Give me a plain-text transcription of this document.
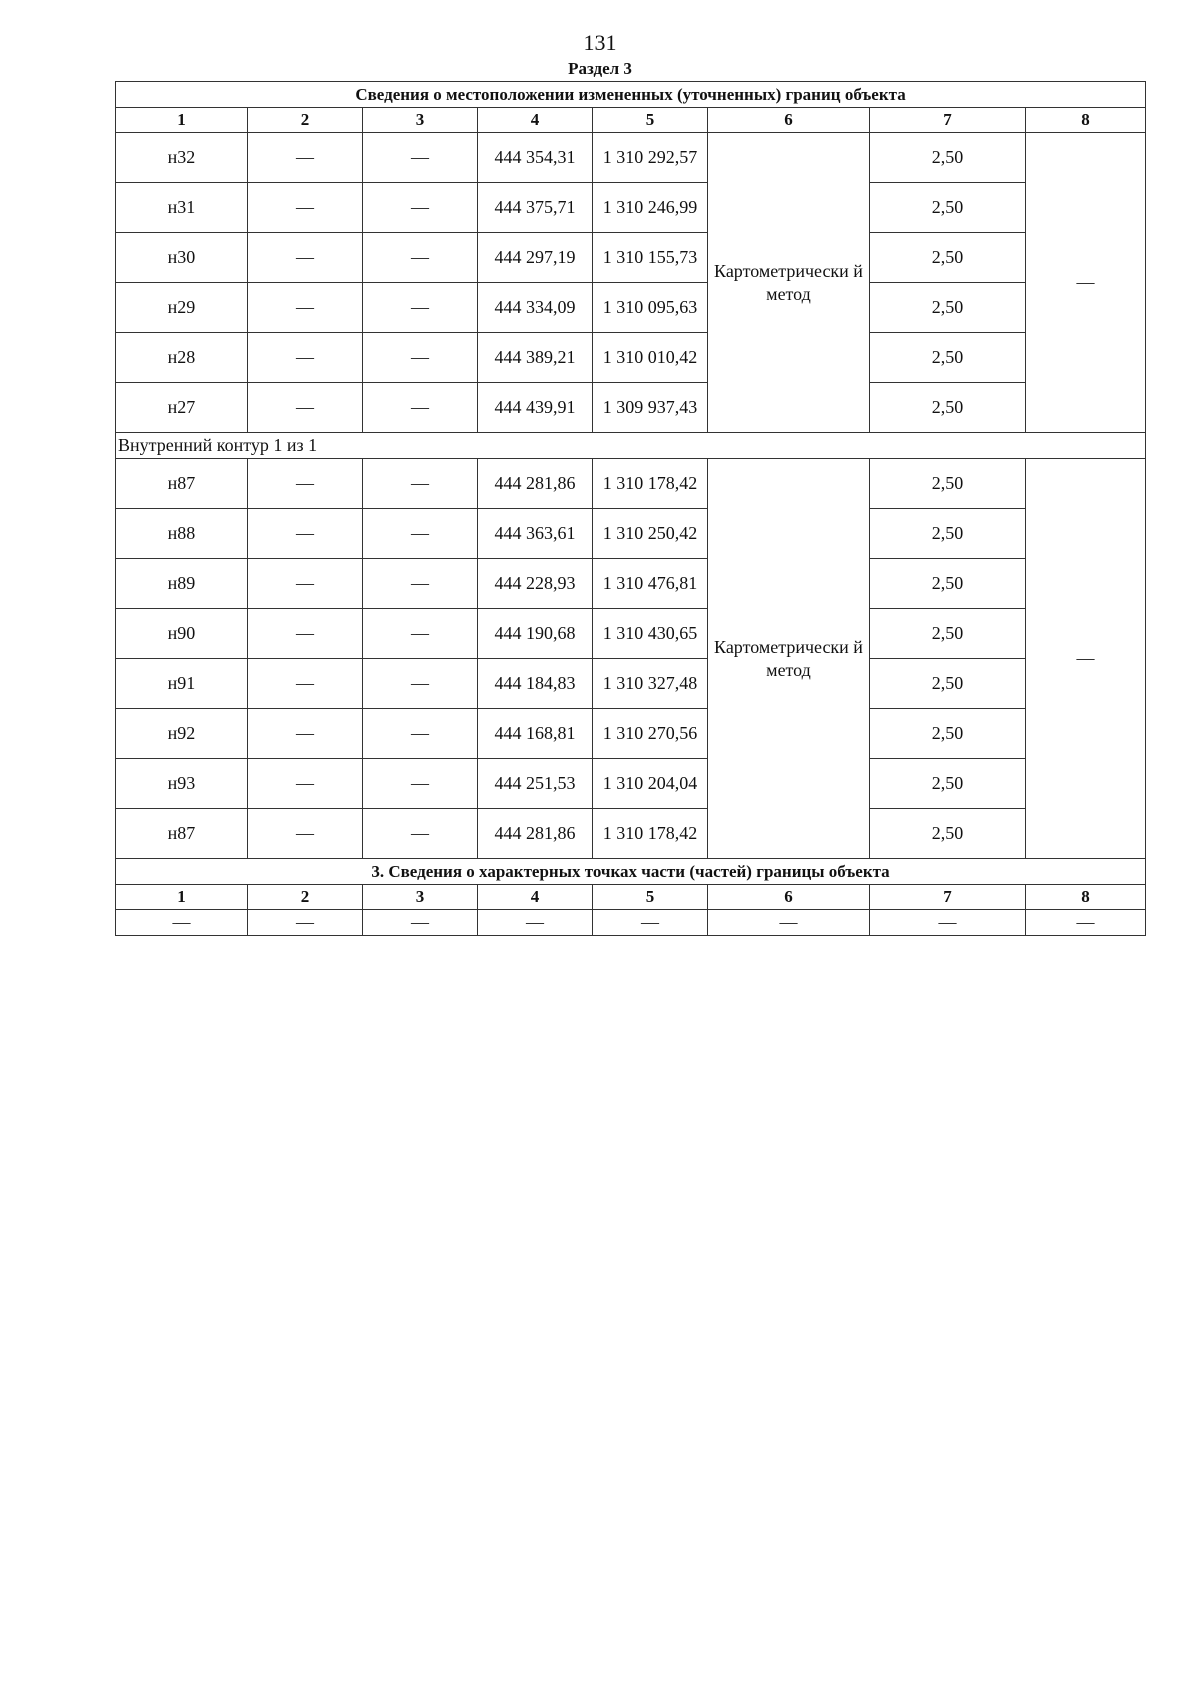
131
Раздел 3
Сведения о местоположении измененных (уточненных) границ объекта							
1	2	3	4	5	6	7	8
н32	—	—	444 354,31	1 310 292,57	Картометрически й метод	2,50	—
н31	—	—	444 375,71	1 310 246,99		2,50	
н30	—	—	444 297,19	1 310 155,73		2,50	
н29	—	—	444 334,09	1 310 095,63		2,50	
н28	—	—	444 389,21	1 310 010,42		2,50	
н27	—	—	444 439,91	1 309 937,43		2,50	
Внутренний контур 1 из 1							
н87	—	—	444 281,86	1 310 178,42	Картометрически й метод	2,50	—
н88	—	—	444 363,61	1 310 250,42		2,50	
н89	—	—	444 228,93	1 310 476,81		2,50	
н90	—	—	444 190,68	1 310 430,65		2,50	
н91	—	—	444 184,83	1 310 327,48		2,50	
н92	—	—	444 168,81	1 310 270,56		2,50	
н93	—	—	444 251,53	1 310 204,04		2,50	
н87	—	—	444 281,86	1 310 178,42		2,50	
3. Сведения о характерных точках части (частей) границы объекта							
1	2	3	4	5	6	7	8
—	—	—	—	—	—	—	—
